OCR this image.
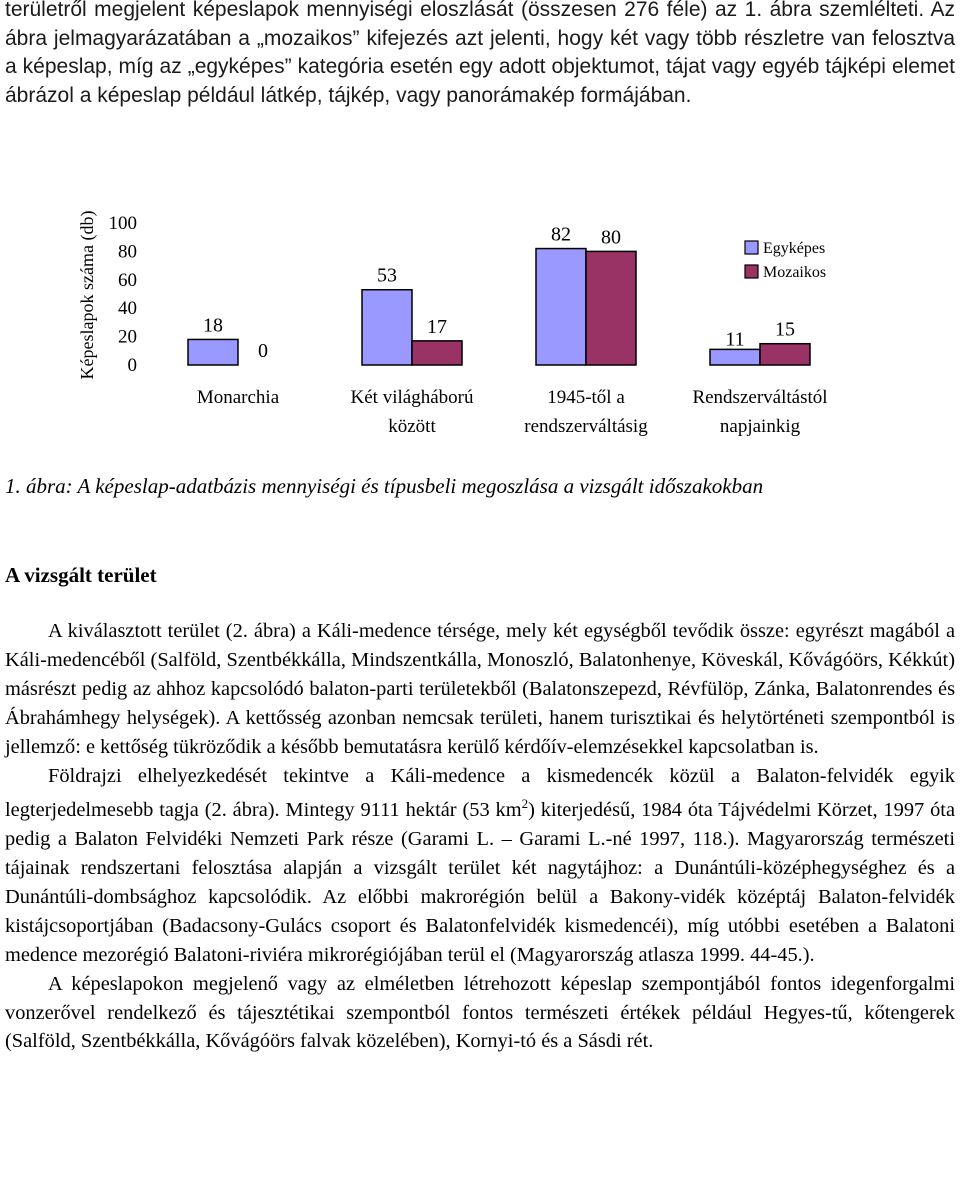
területről megjelent képeslapok mennyiségi eloszlását (összesen 276 féle) az 1. ábra szemlélteti. Az ábra jelmagyarázatában a „mozaikos” kifejezés azt jelenti, hogy két vagy több részletre van felosztva a képeslap, míg az „egyképes” kategória esetén egy adott objektumot, tájat vagy egyéb tájképi elemet ábrázol a képeslap például látkép, tájkép, vagy panorámakép formájában.

Képeslapok száma (db) 100
80
60
40
20
0
18
0
Monarchia
53
17
Két világháború
között
82 80
1945-től a
rendszerváltásig
11 15
Rendszerváltástól
napjainkig
Egyképes
Mozaikos
1. ábra: A képeslap-adatbázis mennyiségi és típusbeli megoszlása a vizsgált időszakokban
A vizsgált terület

A kiválasztott terület (2. ábra) a Káli-medence térsége, mely két egységből tevődik össze: egyrészt magából a Káli-medencéből (Salföld, Szentbékkálla, Mindszentkálla, Monoszló, Balatonhenye, Köveskál, Kővágóörs, Kékkút) másrészt pedig az ahhoz kapcsolódó balaton-parti területekből (Balatonszepezd, Révfülöp, Zánka, Balatonrendes és Ábrahámhegy helységek). A kettősség azonban nemcsak területi, hanem turisztikai és helytörténeti szempontból is jellemző: e kettőség tükröződik a később bemutatásra kerülő kérdőív-elemzésekkel kapcsolatban is.

Földrajzi elhelyezkedését tekintve a Káli-medence a kismedencék közül a Balaton-felvidék egyik legterjedelmesebb tagja (2. ábra). Mintegy 9111 hektár (53 $km^2$) kiterjedésű, 1984 óta Tájvédelmi Körzet, 1997 óta pedig a Balaton Felvidéki Nemzeti Park része (Garami L. – Garami L.-né 1997, 118.). Magyarország természeti tájainak rendszertani felosztása alapján a vizsgált terület két nagytájhoz: a Dunántúli-középhegységhez és a Dunántúli-dombsághoz kapcsolódik. Az előbbi makrorégión belül a Bakony-vidék középtáj Balaton-felvidék kistájcsoportjában (Badacsony-Gulács csoport és Balatonfelvidék kismedencéi), míg utóbbi esetében a Balatoni medence mezorégió Balatoni-riviéra mikrorégiójában terül el (Magyarország atlasza 1999. 44-45.).

A képeslapokon megjelenő vagy az elméletben létrehozott képeslap szempontjából fontos idegenforgalmi vonzerővel rendelkező és tájesztétikai szempontból fontos természeti értékek például Hegyes-tű, kőtengerek (Salföld, Szentbékkálla, Kővágóörs falvak közelében), Kornyi-tó és a Sásdi rét.
